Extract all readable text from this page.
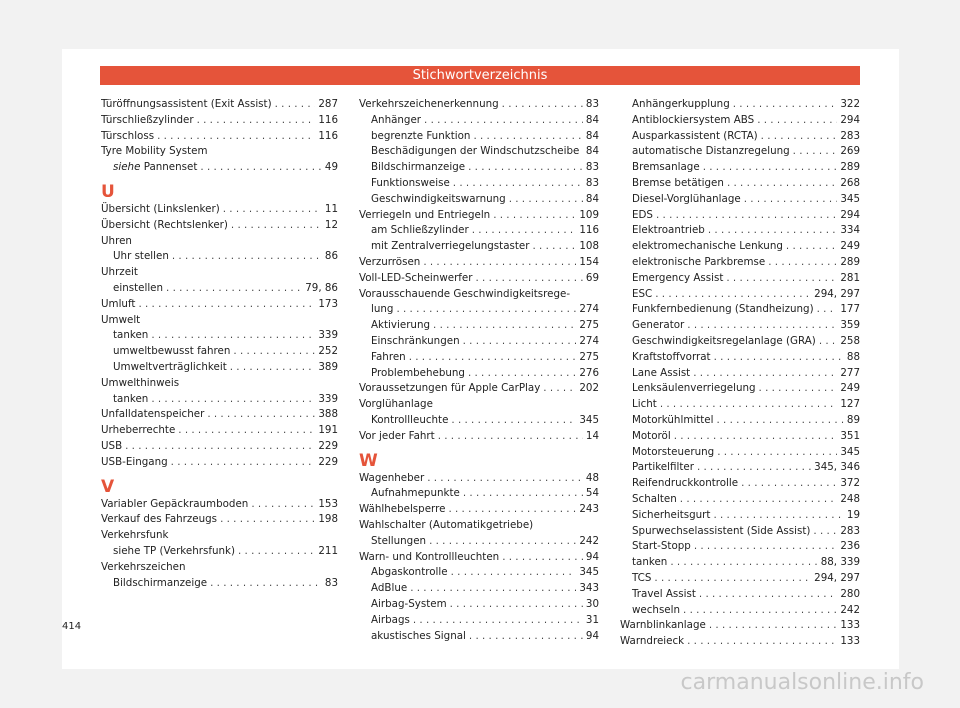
Stichwortverzeichnis
Türöffnungsassistent (Exit Assist) . . .	287
Türschließzylinder . . .	116
Türschloss . . .	116
Tyre Mobility System
siehe Pannenset . . .	49
U
Übersicht (Linkslenker) . . .	11
Übersicht (Rechtslenker) . . .	12
Uhren
Uhr stellen . . .	86
Uhrzeit
einstellen . . .	79, 86
Umluft . . .	173
Umwelt
tanken . . .	339
umweltbewusst fahren . . .	252
Umweltverträglichkeit . . .	389
Umwelthinweis
tanken . . .	339
Unfalldatenspeicher . . .	388
Urheberrechte . . .	191
USB . . .	229
USB-Eingang . . .	229
V
Variabler Gepäckraumboden . . .	153
Verkauf des Fahrzeugs . . .	198
Verkehrsfunk
siehe TP (Verkehrsfunk) . . .	211
Verkehrszeichen
Bildschirmanzeige . . .	83
Verkehrszeichenerkennung . . .	83
Anhänger . . .	84
begrenzte Funktion . . .	84
Beschädigungen der Windschutzscheibe . . . 84
Bildschirmanzeige . . .	83
Funktionsweise . . .	83
Geschwindigkeitswarnung . . .	84
Verriegeln und Entriegeln . . .	109
am Schließzylinder . . .	116
mit Zentralverriegelungstaster . . .	108
Verzurrösen . . .	154
Voll-LED-Scheinwerfer . . .	69
Vorausschauende Geschwindigkeitsrege-
lung . . .	274
Aktivierung . . .	275
Einschränkungen . . .	274
Fahren . . .	275
Problembehebung . . .	276
Voraussetzungen für Apple CarPlay . . .	202
Vorglühanlage
Kontrollleuchte . . .	345
Vor jeder Fahrt . . .	14
W
Wagenheber . . .	48
Aufnahmepunkte . . .	54
Wählhebelsperre . . .	243
Wahlschalter (Automatikgetriebe)
Stellungen . . .	242
Warn- und Kontrollleuchten . . .	94
Abgaskontrolle . . .	345
AdBlue . . .	343
Airbag-System . . .	30
Airbags . . .	31
akustisches Signal . . .	94
Anhängerkupplung . . .	322
Antiblockiersystem ABS . . .	294
Ausparkassistent (RCTA) . . .	283
automatische Distanzregelung . . .	269
Bremsanlage . . .	289
Bremse betätigen . . .	268
Diesel-Vorglühanlage . . .	345
EDS . . .	294
Elektroantrieb . . .	334
elektromechanische Lenkung . . .	249
elektronische Parkbremse . . .	289
Emergency Assist . . .	281
ESC . . .	294, 297
Funkfernbedienung (Standheizung) . . .	177
Generator . . .	359
Geschwindigkeitsregelanlage (GRA) . . . 258
Kraftstoffvorrat . . .	88
Lane Assist . . .	277
Lenksäulenverriegelung . . .	249
Licht . . .	127
Motorkühlmittel . . .	89
Motoröl . . .	351
Motorsteuerung . . .	345
Partikelfilter . . .	345, 346
Reifendruckkontrolle . . .	372
Schalten . . .	248
Sicherheitsgurt . . .	19
Spurwechselassistent (Side Assist) . . .	283
Start-Stopp . . .	236
tanken . . .	88, 339
TCS . . .	294, 297
Travel Assist . . .	280
wechseln . . .	242
Warnblinkanlage . . .	133
Warndreieck . . .	133
414
carmanualsonline.info
